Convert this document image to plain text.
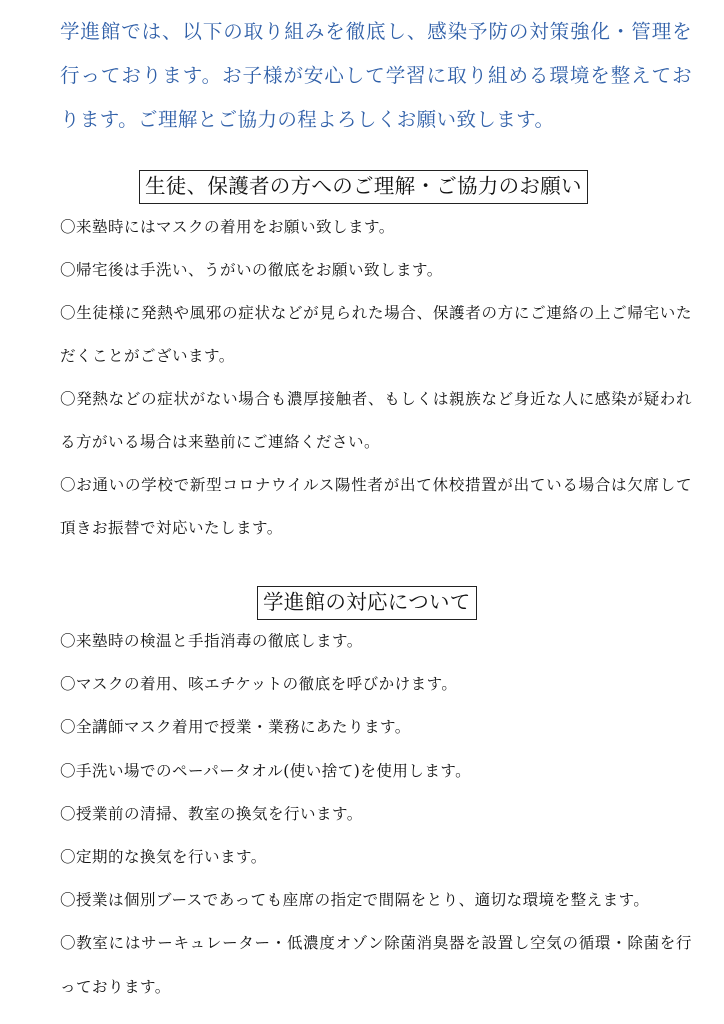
学進館では、以下の取り組みを徹底し、感染予防の対策強化・管理を行っております。お子様が安心して学習に取り組める環境を整えております。ご理解とご協力の程よろしくお願い致します。

生徒、保護者の方へのご理解・ご協力のお願い
〇来塾時にはマスクの着用をお願い致します。
〇帰宅後は手洗い、うがいの徹底をお願い致します。
〇生徒様に発熱や風邪の症状などが見られた場合、保護者の方にご連絡の上ご帰宅いただくことがございます。
〇発熱などの症状がない場合も濃厚接触者、もしくは親族など身近な人に感染が疑われる方がいる場合は来塾前にご連絡ください。
〇お通いの学校で新型コロナウイルス陽性者が出て休校措置が出ている場合は欠席して頂きお振替で対応いたします。
学進館の対応について
〇来塾時の検温と手指消毒の徹底します。
〇マスクの着用、咳エチケットの徹底を呼びかけます。
〇全講師マスク着用で授業・業務にあたります。
〇手洗い場でのペーパータオル(使い捨て)を使用します。
〇授業前の清掃、教室の換気を行います。
〇定期的な換気を行います。
〇授業は個別ブースであっても座席の指定で間隔をとり、適切な環境を整えます。
〇教室にはサーキュレーター・低濃度オゾン除菌消臭器を設置し空気の循環・除菌を行っております。
